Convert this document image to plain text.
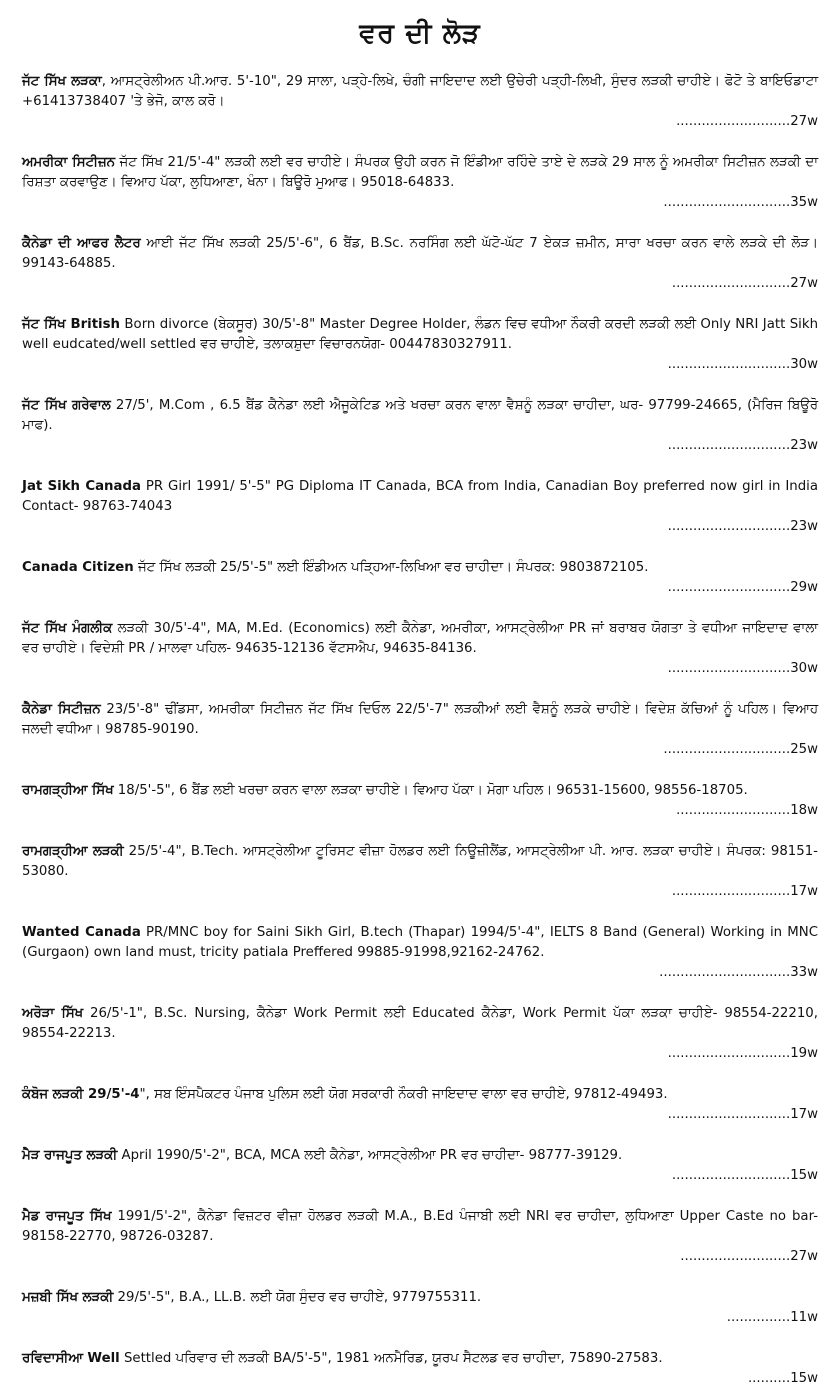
ਵਰ ਦੀ ਲੋੜ
ਜੱਟ ਸਿੱਖ ਲੜਕਾ, ਆਸਟ੍ਰੇਲੀਅਨ ਪੀ.ਆਰ. 5'-10", 29 ਸਾਲਾ, ਪੜ੍ਹੇ-ਲਿਖੇ, ਚੰਗੀ ਜਾਇਦਾਦ ਲਈ ਉਚੇਰੀ ਪੜ੍ਹੀ-ਲਿਖੀ, ਸੁੰਦਰ ਲੜਕੀ ਚਾਹੀਏ। ਫੋਟੋ ਤੇ ਬਾਇਓਡਾਟਾ +61413738407 'ਤੇ ਭੇਜੋ, ਕਾਲ ਕਰੋ।
...........................27w
ਅਮਰੀਕਾ ਸਿਟੀਜ਼ਨ ਜੱਟ ਸਿੱਖ 21/5'-4" ਲੜਕੀ ਲਈ ਵਰ ਚਾਹੀਏ। ਸੰਪਰਕ ਉਹੀ ਕਰਨ ਜੋ ਇੰਡੀਆ ਰਹਿੰਦੇ ਤਾਏ ਦੇ ਲੜਕੇ 29 ਸਾਲ ਨੂੰ ਅਮਰੀਕਾ ਸਿਟੀਜ਼ਨ ਲੜਕੀ ਦਾ ਰਿਸ਼ਤਾ ਕਰਵਾਉਣ। ਵਿਆਹ ਪੱਕਾ, ਲੁਧਿਆਣਾ, ਖੰਨਾ। ਬਿਊਰੋ ਮੁਆਫ। 95018-64833.
..............................35w
ਕੈਨੇਡਾ ਦੀ ਆਫਰ ਲੈਟਰ ਆਈ ਜੱਟ ਸਿੱਖ ਲੜਕੀ 25/5'-6", 6 ਬੈਂਡ, B.Sc. ਨਰਸਿੰਗ ਲਈ ਘੱਟੋ-ਘੱਟ 7 ਏਕੜ ਜ਼ਮੀਨ, ਸਾਰਾ ਖਰਚਾ ਕਰਨ ਵਾਲੇ ਲੜਕੇ ਦੀ ਲੋੜ। 99143-64885.
............................27w
ਜੱਟ ਸਿੱਖ British Born divorce (ਬੇਕਸੂਰ) 30/5'-8" Master Degree Holder, ਲੰਡਨ ਵਿਚ ਵਧੀਆ ਨੌਕਰੀ ਕਰਦੀ ਲੜਕੀ ਲਈ Only NRI Jatt Sikh well eudcated/well settled ਵਰ ਚਾਹੀਏ, ਤਲਾਕਸ਼ੁਦਾ ਵਿਚਾਰਨਯੋਗ- 00447830327911.
.............................30w
ਜੱਟ ਸਿੱਖ ਗਰੇਵਾਲ 27/5', M.Com , 6.5 ਬੈਂਡ ਕੈਨੇਡਾ ਲਈ ਐਜੂਕੇਟਿਡ ਅਤੇ ਖਰਚਾ ਕਰਨ ਵਾਲਾ ਵੈਸ਼ਨੂੰ ਲੜਕਾ ਚਾਹੀਦਾ, ਘਰ- 97799-24665, (ਮੈਰਿਜ ਬਿਊਰੋ ਮਾਫ).
.............................23w
Jat Sikh Canada PR Girl 1991/ 5'-5" PG Diploma IT Canada, BCA from India, Canadian Boy preferred now girl in India Contact- 98763-74043
.............................23w
Canada Citizen ਜੱਟ ਸਿੱਖ ਲੜਕੀ 25/5'-5" ਲਈ ਇੰਡੀਅਨ ਪੜ੍ਹਿਆ-ਲਿਖਿਆ ਵਰ ਚਾਹੀਦਾ। ਸੰਪਰਕ: 9803872105.
.............................29w
ਜੱਟ ਸਿੱਖ ਮੰਗਲੀਕ ਲੜਕੀ 30/5'-4", MA, M.Ed. (Economics) ਲਈ ਕੈਨੇਡਾ, ਅਮਰੀਕਾ, ਆਸਟ੍ਰੇਲੀਆ PR ਜਾਂ ਬਰਾਬਰ ਯੋਗਤਾ ਤੇ ਵਧੀਆ ਜਾਇਦਾਦ ਵਾਲਾ ਵਰ ਚਾਹੀਏ। ਵਿਦੇਸ਼ੀ PR / ਮਾਲਵਾ ਪਹਿਲ- 94635-12136 ਵੱਟਸਐਪ, 94635-84136.
.............................30w
ਕੈਨੇਡਾ ਸਿਟੀਜ਼ਨ 23/5'-8" ਢੀਂਡਸਾ, ਅਮਰੀਕਾ ਸਿਟੀਜ਼ਨ ਜੱਟ ਸਿੱਖ ਦਿਓਲ 22/5'-7" ਲੜਕੀਆਂ ਲਈ ਵੈਸ਼ਨੂੰ ਲੜਕੇ ਚਾਹੀਏ। ਵਿਦੇਸ਼ ਕੱਚਿਆਂ ਨੂੰ ਪਹਿਲ। ਵਿਆਹ ਜਲਦੀ ਵਧੀਆ। 98785-90190.
..............................25w
ਰਾਮਗੜ੍ਹੀਆ ਸਿੱਖ 18/5'-5", 6 ਬੈਂਡ ਲਈ ਖਰਚਾ ਕਰਨ ਵਾਲਾ ਲੜਕਾ ਚਾਹੀਏ। ਵਿਆਹ ਪੱਕਾ। ਮੋਗਾ ਪਹਿਲ। 96531-15600, 98556-18705.
...........................18w
ਰਾਮਗੜ੍ਹੀਆ ਲੜਕੀ 25/5'-4", B.Tech. ਆਸਟ੍ਰੇਲੀਆ ਟੂਰਿਸਟ ਵੀਜ਼ਾ ਹੋਲਡਰ ਲਈ ਨਿਊਜ਼ੀਲੈਂਡ, ਆਸਟ੍ਰੇਲੀਆ ਪੀ. ਆਰ. ਲੜਕਾ ਚਾਹੀਏ। ਸੰਪਰਕ: 98151-53080.
............................17w
Wanted Canada PR/MNC boy for Saini Sikh Girl, B.tech (Thapar) 1994/5'-4", IELTS 8 Band (General) Working in MNC (Gurgaon) own land must, tricity patiala Preffered 99885-91998,92162-24762.
...............................33w
ਅਰੋੜਾ ਸਿੱਖ 26/5'-1", B.Sc. Nursing, ਕੈਨੇਡਾ Work Permit ਲਈ Educated ਕੈਨੇਡਾ, Work Permit ਪੱਕਾ ਲੜਕਾ ਚਾਹੀਏ- 98554-22210, 98554-22213.
.............................19w
ਕੰਬੋਜ ਲੜਕੀ 29/5'-4", ਸਬ ਇੰਸਪੈਕਟਰ ਪੰਜਾਬ ਪੁਲਿਸ ਲਈ ਯੋਗ ਸਰਕਾਰੀ ਨੌਕਰੀ ਜਾਇਦਾਦ ਵਾਲਾ ਵਰ ਚਾਹੀਏ, 97812-49493.
.............................17w
ਮੈੜ ਰਾਜਪੂਤ ਲੜਕੀ April 1990/5'-2", BCA, MCA ਲਈ ਕੈਨੇਡਾ, ਆਸਟ੍ਰੇਲੀਆ PR ਵਰ ਚਾਹੀਦਾ- 98777-39129.
............................15w
ਮੈਡ ਰਾਜਪੂਤ ਸਿੱਖ 1991/5'-2", ਕੈਨੇਡਾ ਵਿਜ਼ਟਰ ਵੀਜ਼ਾ ਹੋਲਡਰ ਲੜਕੀ M.A., B.Ed ਪੰਜਾਬੀ ਲਈ NRI ਵਰ ਚਾਹੀਦਾ, ਲੁਧਿਆਣਾ Upper Caste no bar-98158-22770, 98726-03287.
..........................27w
ਮਜ਼ਬੀ ਸਿੱਖ ਲੜਕੀ 29/5'-5", B.A., LL.B. ਲਈ ਯੋਗ ਸੁੰਦਰ ਵਰ ਚਾਹੀਏ, 9779755311.
...............11w
ਰਵਿਦਾਸੀਆ Well Settled ਪਰਿਵਾਰ ਦੀ ਲੜਕੀ BA/5'-5", 1981 ਅਨਮੈਰਿਡ, ਯੂਰਪ ਸੈਟਲਡ ਵਰ ਚਾਹੀਦਾ, 75890-27583.
..........15w
